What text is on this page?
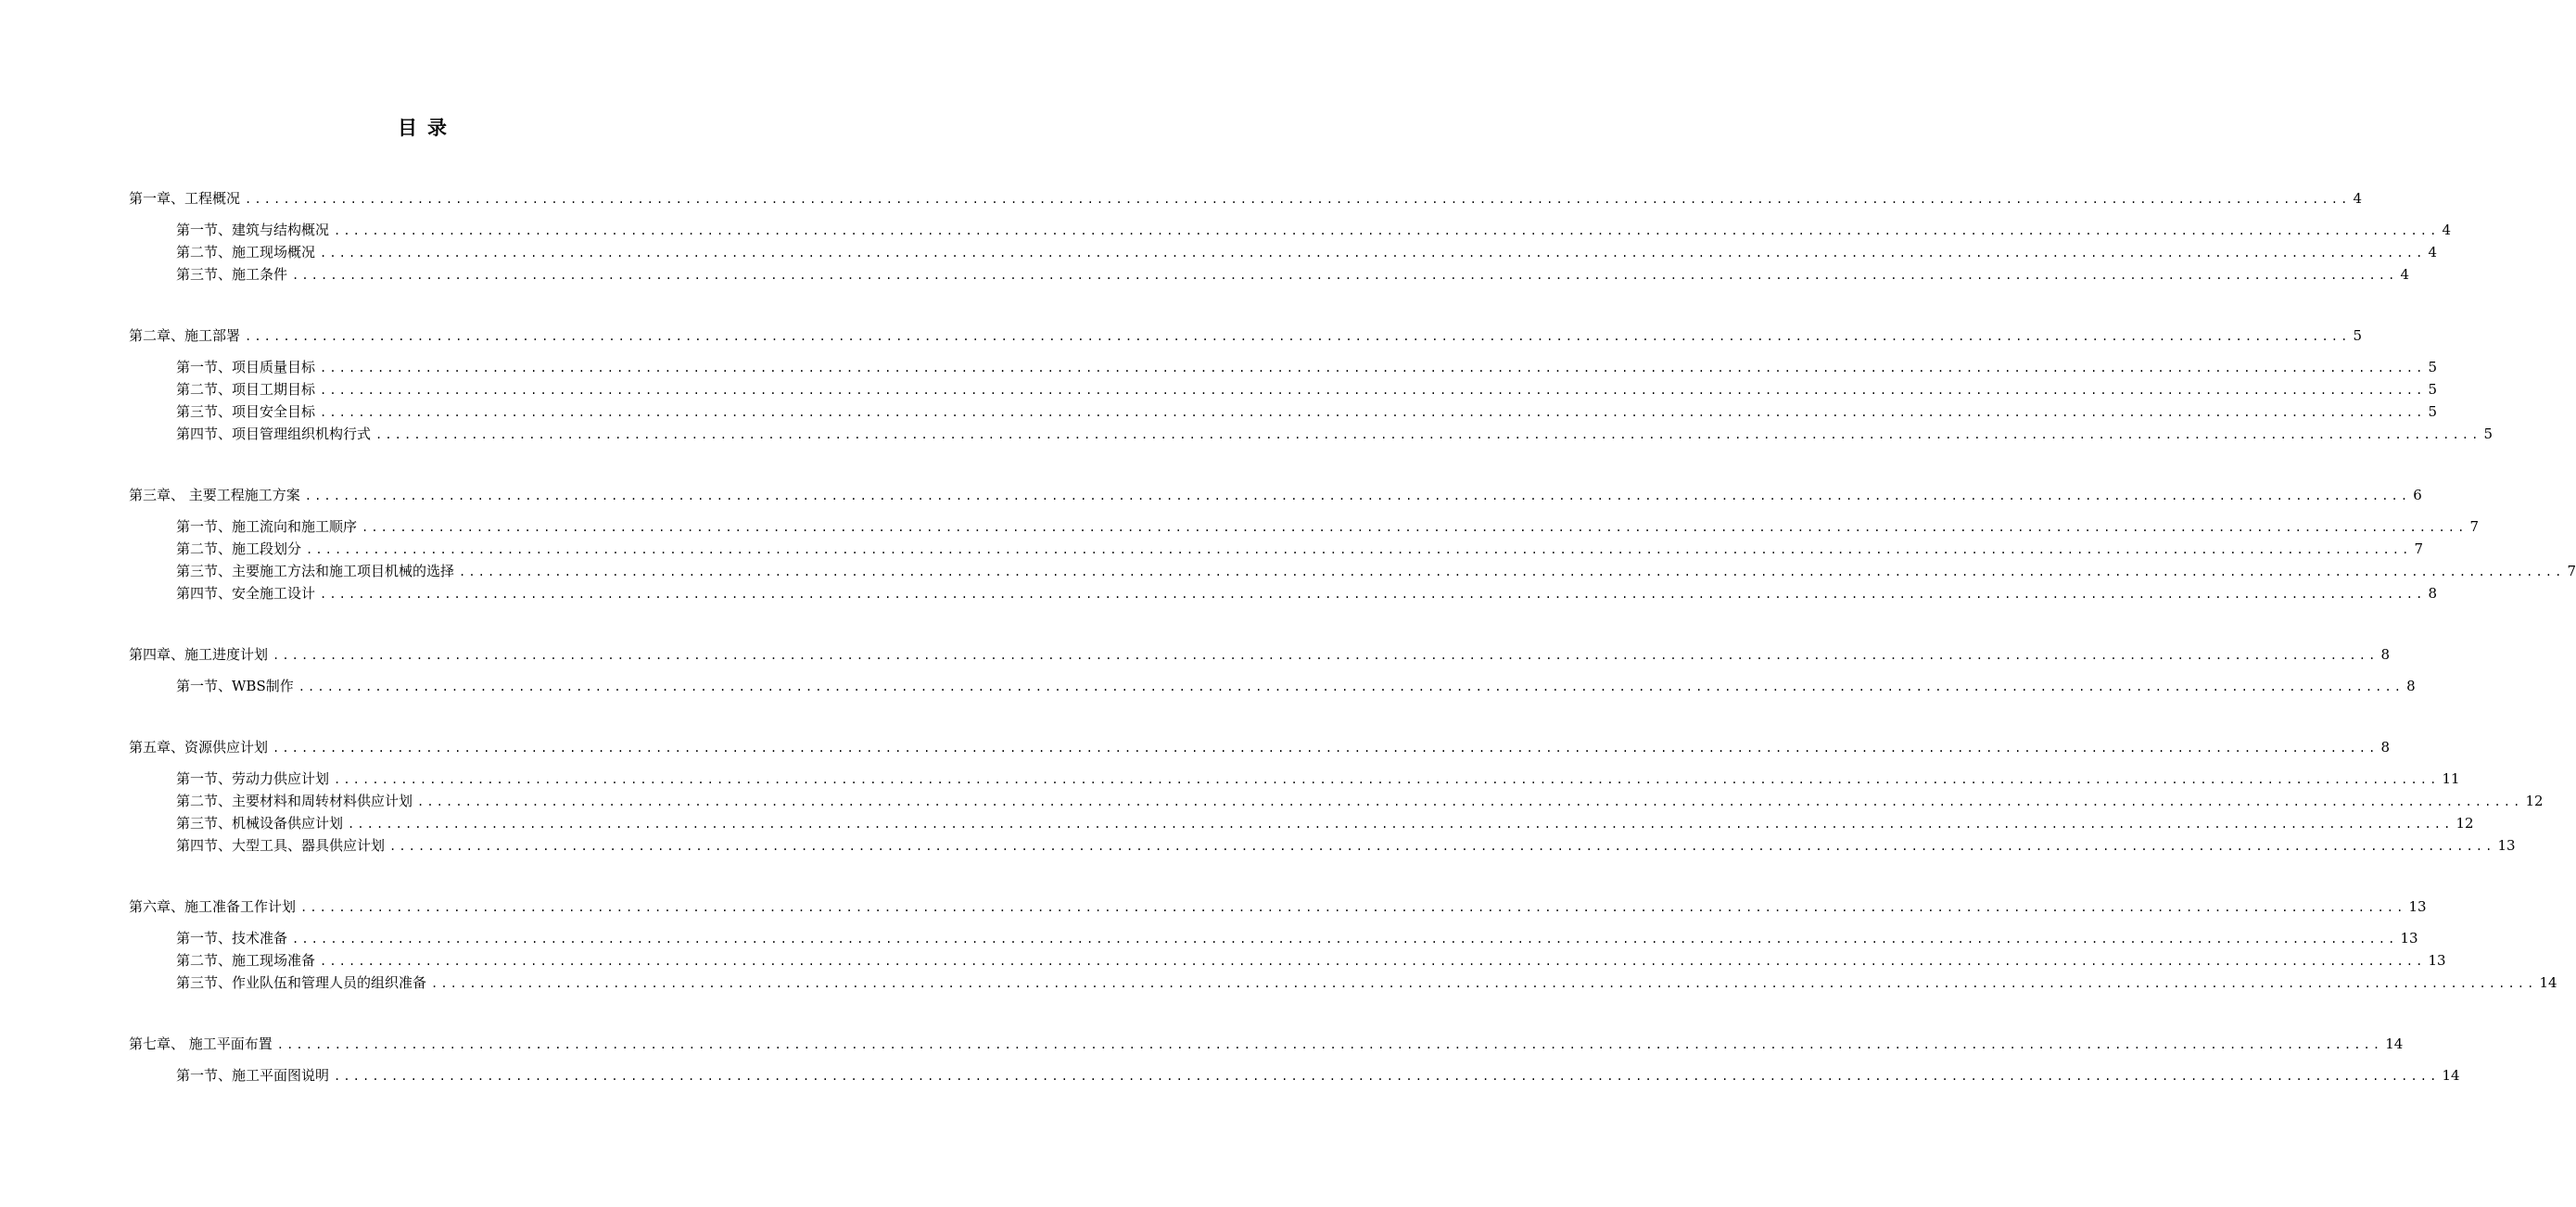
目录
第一章、工程概况 ............................................................................................................................................................................................................................ 4
第一节、建筑与结构概况 ............................................................................................................................................................................................................................ 4
第二节、施工现场概况 ............................................................................................................................................................................................................................ 4
第三节、施工条件 ............................................................................................................................................................................................................................ 4
第二章、施工部署 ............................................................................................................................................................................................................................ 5
第一节、项目质量目标 ............................................................................................................................................................................................................................ 5
第二节、项目工期目标 ............................................................................................................................................................................................................................ 5
第三节、项目安全目标 ............................................................................................................................................................................................................................ 5
第四节、项目管理组织机构行式 ............................................................................................................................................................................................................................ 5
第三章、 主要工程施工方案 ............................................................................................................................................................................................................................ 6
第一节、施工流向和施工顺序 ............................................................................................................................................................................................................................ 7
第二节、施工段划分 ............................................................................................................................................................................................................................ 7
第三节、主要施工方法和施工项目机械的选择 ............................................................................................................................................................................................................................ 7
第四节、安全施工设计 ............................................................................................................................................................................................................................ 8
第四章、施工进度计划 ............................................................................................................................................................................................................................ 8
第一节、WBS制作 ............................................................................................................................................................................................................................ 8
第五章、资源供应计划 ............................................................................................................................................................................................................................ 8
第一节、劳动力供应计划 ............................................................................................................................................................................................................................ 11
第二节、主要材料和周转材料供应计划 ............................................................................................................................................................................................................................ 12
第三节、机械设备供应计划 ............................................................................................................................................................................................................................ 12
第四节、大型工具、器具供应计划 ............................................................................................................................................................................................................................ 13
第六章、施工准备工作计划 ............................................................................................................................................................................................................................ 13
第一节、技术准备 ............................................................................................................................................................................................................................ 13
第二节、施工现场准备 ............................................................................................................................................................................................................................ 13
第三节、作业队伍和管理人员的组织准备 ............................................................................................................................................................................................................................ 14
第七章、 施工平面布置 ............................................................................................................................................................................................................................ 14
第一节、施工平面图说明 ............................................................................................................................................................................................................................ 14
